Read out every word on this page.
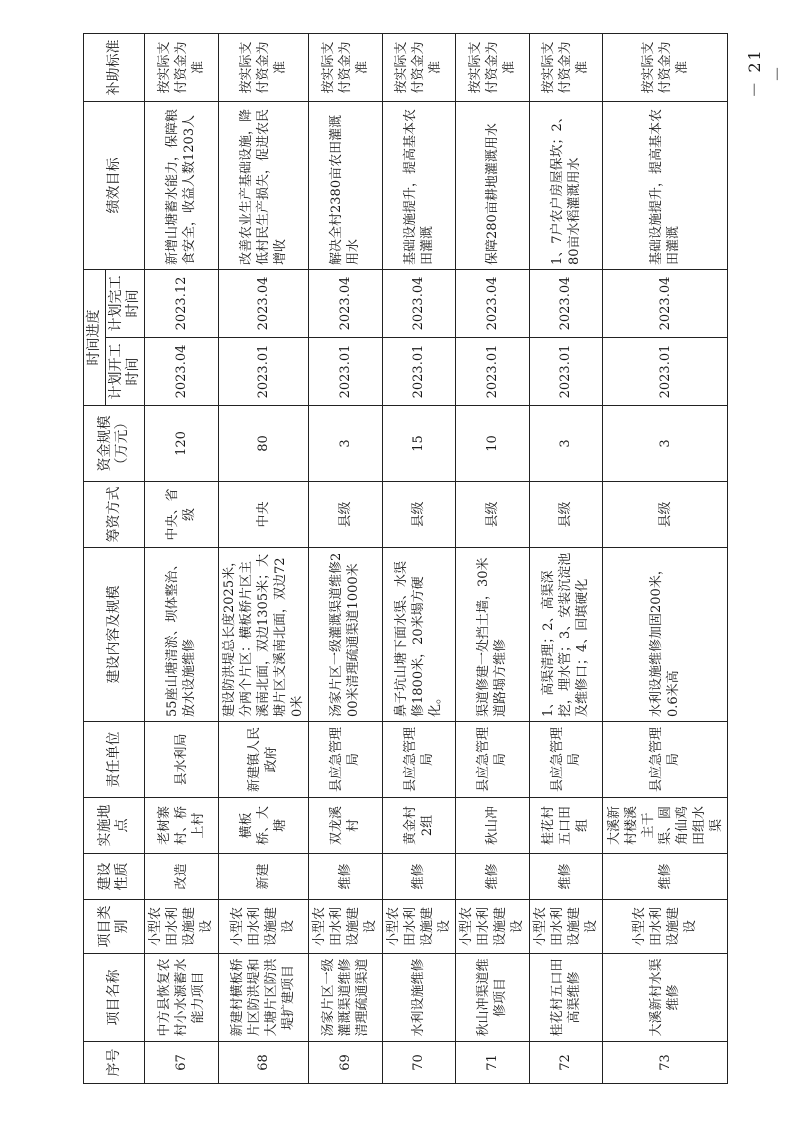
序号	项目名称	项目类别	建设性质	实施地点	责任单位	建设内容及规模	筹资方式	资金规模（万元）	时间进度		绩效目标	补助标准
									计划开工时间	计划完工时间		
67	中方县恢复农村小水源蓄水能力项目	小型农田水利设施建设	改造	老树寨村、桥上村	县水利局	55座山塘清淤、坝体整治、放水设施维修	中央、省级	120	2023.04	2023.12	新增山塘蓄水能力，保障粮食安全，收益人数1203人	按实际支付资金为准
68	新建村横板桥片区防洪堤和大塘片区防洪堤扩建项目	小型农田水利设施建设	新建	横板桥、大塘	新建镇人民政府	建设防洪堤总长度2025米，分两个片区：横板桥片区主溪南北面，双边1305米；大塘片区支溪南北面，双边720米	中央	80	2023.01	2023.04	改善农业生产基础设施，降低村民生产损失，促进农民增收	按实际支付资金为准
69	汤家片区一级灌溉渠道维修清理疏通渠道	小型农田水利设施建设	维修	双龙溪村	县应急管理局	汤家片区一级灌溉渠道维修200米清理疏通渠道1000米	县级	3	2023.01	2023.04	解决全村2380亩农田灌溉用水	按实际支付资金为准
70	水利设施维修	小型农田水利设施建设	维修	黄金村2组	县应急管理局	鼻子坑山塘下面水渠、水渠修1800米，20米塌方硬化。	县级	15	2023.01	2023.04	基础设施提升，提高基本农田灌溉	按实际支付资金为准
71	秋山冲渠道维修项目	小型农田水利设施建设	维修	秋山冲	县应急管理局	渠道修建一处挡土墙，30米道路塌方维修	县级	10	2023.01	2023.04	保障280亩耕地灌溉用水	按实际支付资金为准
72	桂花村五口田高渠维修	小型农田水利设施建设	维修	桂花村五口田组	县应急管理局	1、高渠清理；2、高渠深挖，埋水管；3、安装沉淀池及维修口；4、回填硬化	县级	3	2023.01	2023.04	1、7户农户房屋保坎；2、80亩水稻灌溉用水	按实际支付资金为准
73	大溪新村水渠维修	小型农田水利设施建设	维修	大溪新村楼溪主干渠、圆角仙鸡田组水渠	县应急管理局	水利设施维修加固200米，0.6米高	县级	3	2023.01	2023.04	基础设施提升，提高基本农田灌溉	按实际支付资金为准	－ 21 －
